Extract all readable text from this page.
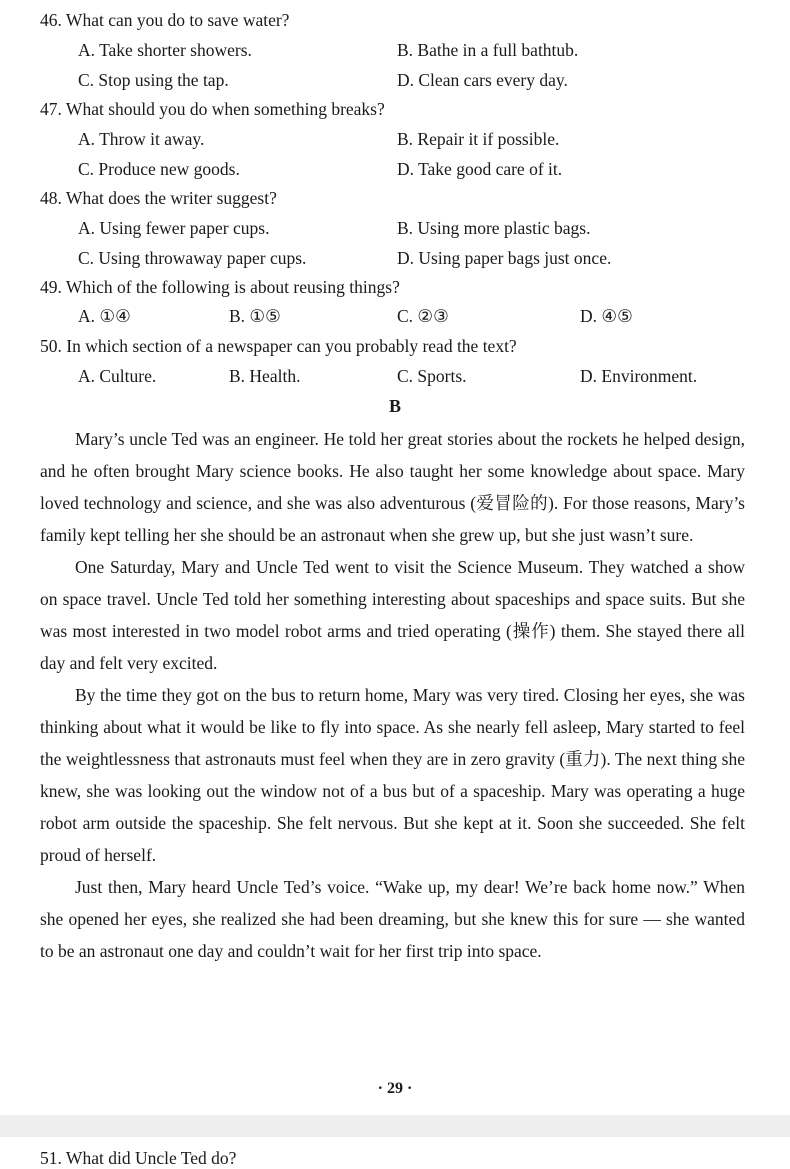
46. What can you do to save water?
A. Take shorter showers.	B. Bathe in a full bathtub.
C. Stop using the tap.	D. Clean cars every day.
47. What should you do when something breaks?
A. Throw it away.	B. Repair it if possible.
C. Produce new goods.	D. Take good care of it.
48. What does the writer suggest?
A. Using fewer paper cups.	B. Using more plastic bags.
C. Using throwaway paper cups.	D. Using paper bags just once.
49. Which of the following is about reusing things?
A. ①④	B. ①⑤	C. ②③	D. ④⑤
50. In which section of a newspaper can you probably read the text?
A. Culture.	B. Health.	C. Sports.	D. Environment.
B

Mary’s uncle Ted was an engineer. He told her great stories about the rockets he helped design, and he often brought Mary science books. He also taught her some knowledge about space. Mary loved technology and science, and she was also adventurous (爱冒险的). For those reasons, Mary’s family kept telling her she should be an astronaut when she grew up, but she just wasn’t sure.

One Saturday, Mary and Uncle Ted went to visit the Science Museum. They watched a show on space travel. Uncle Ted told her something interesting about spaceships and space suits. But she was most interested in two model robot arms and tried operating (操作) them. She stayed there all day and felt very excited.

By the time they got on the bus to return home, Mary was very tired. Closing her eyes, she was thinking about what it would be like to fly into space. As she nearly fell asleep, Mary started to feel the weightlessness that astronauts must feel when they are in zero gravity (重力). The next thing she knew, she was looking out the window not of a bus but of a spaceship. Mary was operating a huge robot arm outside the spaceship. She felt nervous. But she kept at it. Soon she succeeded. She felt proud of herself.

Just then, Mary heard Uncle Ted’s voice. “Wake up, my dear! We’re back home now.” When she opened her eyes, she realized she had been dreaming, but she knew this for sure — she wanted to be an astronaut one day and couldn’t wait for her first trip into space.

· 29 ·
51. What did Uncle Ted do?
